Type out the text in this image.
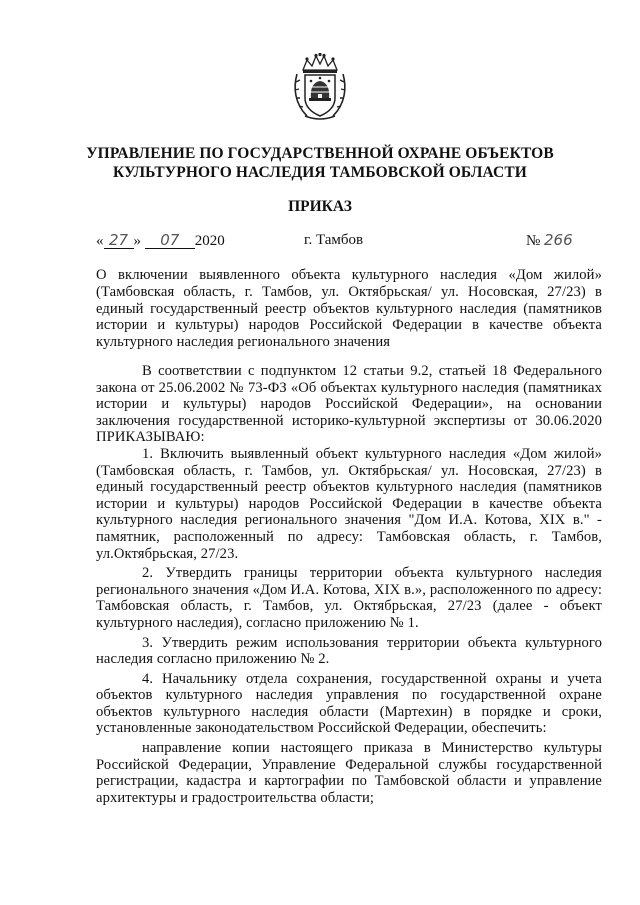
УПРАВЛЕНИЕ ПО ГОСУДАРСТВЕННОЙ ОХРАНЕ ОБЪЕКТОВ
КУЛЬТУРНОГО НАСЛЕДИЯ ТАМБОВСКОЙ ОБЛАСТИ
ПРИКАЗ
« 27 » 07 2020	г. Тамбов	№ 266
О включении выявленного объекта культурного наследия «Дом жилой» (Тамбовская область, г. Тамбов, ул. Октябрьская/ ул. Носовская, 27/23) в единый государственный реестр объектов культурного наследия (памятников истории и культуры) народов Российской Федерации в качестве объекта культурного наследия регионального значения

В соответствии с подпунктом 12 статьи 9.2, статьей 18 Федерального закона от 25.06.2002 № 73-ФЗ «Об объектах культурного наследия (памятниках истории и культуры) народов Российской Федерации», на основании заключения государственной историко-культурной экспертизы от 30.06.2020 ПРИКАЗЫВАЮ:

1. Включить выявленный объект культурного наследия «Дом жилой» (Тамбовская область, г. Тамбов, ул. Октябрьская/ ул. Носовская, 27/23) в единый государственный реестр объектов культурного наследия (памятников истории и культуры) народов Российской Федерации в качестве объекта культурного наследия регионального значения "Дом И.А. Котова, XIX в." - памятник, расположенный по адресу: Тамбовская область, г. Тамбов, ул.Октябрьская, 27/23.

2. Утвердить границы территории объекта культурного наследия регионального значения «Дом И.А. Котова, XIX в.», расположенного по адресу: Тамбовская область, г. Тамбов, ул. Октябрьская, 27/23 (далее - объект культурного наследия), согласно приложению № 1.

3. Утвердить режим использования территории объекта культурного наследия согласно приложению № 2.

4. Начальнику отдела сохранения, государственной охраны и учета объектов культурного наследия управления по государственной охране объектов культурного наследия области (Мартехин) в порядке и сроки, установленные законодательством Российской Федерации, обеспечить:

направление копии настоящего приказа в Министерство культуры Российской Федерации, Управление Федеральной службы государственной регистрации, кадастра и картографии по Тамбовской области и управление архитектуры и градостроительства области;
